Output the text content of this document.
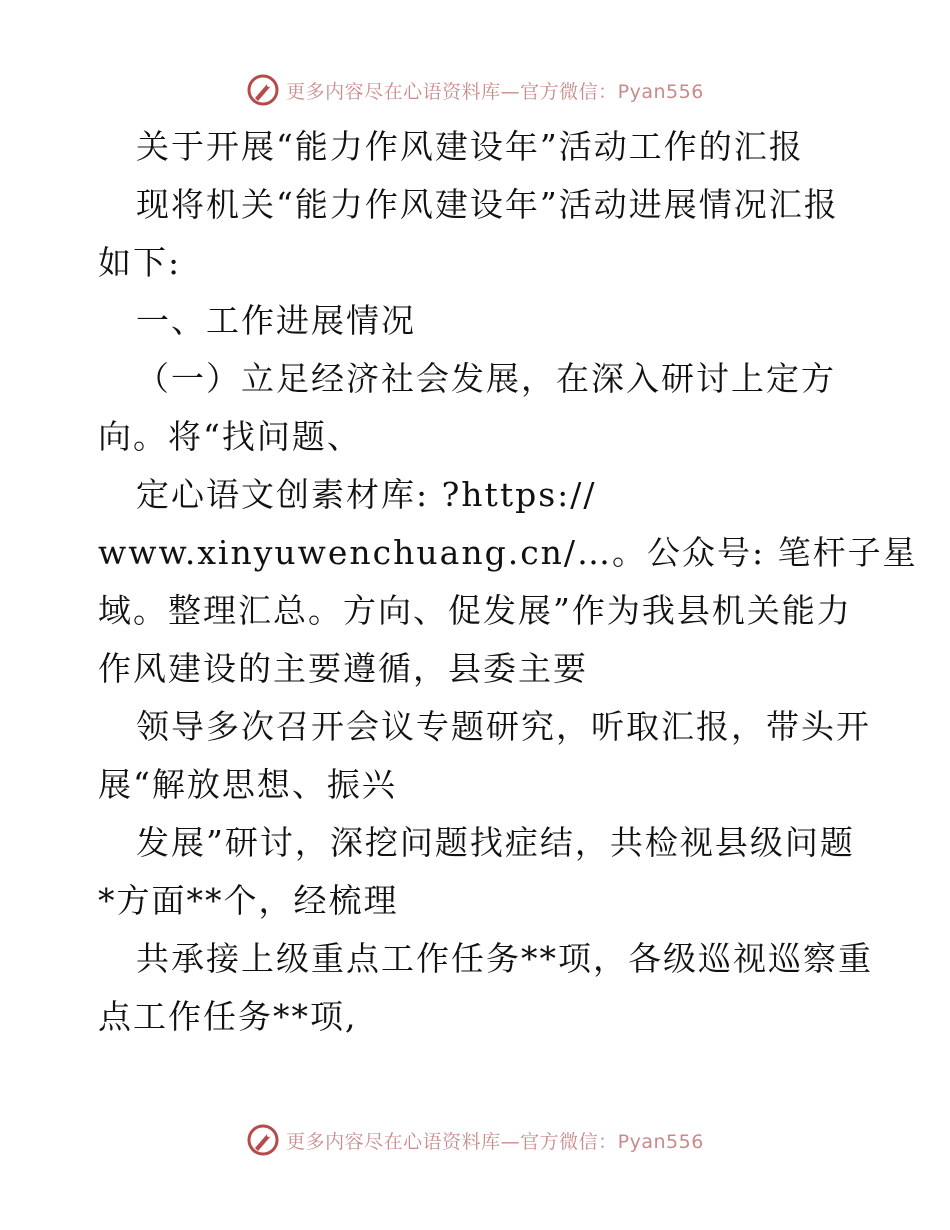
更多内容尽在心语资料库—官方微信：Pyan556
关于开展“能力作风建设年”活动工作的汇报
现将机关“能力作风建设年”活动进展情况汇报
如下:
一、工作进展情况
（一）立足经济社会发展，在深入研讨上定方
向。将“找问题、
定心语文创素材库: ?https://
www.xinyuwenchuang.cn/…。公众号: 笔杆子星
域。整理汇总。方向、促发展”作为我县机关能力
作风建设的主要遵循，县委主要
领导多次召开会议专题研究，听取汇报，带头开
展“解放思想、振兴
发展”研讨，深挖问题找症结，共检视县级问题
*方面**个，经梳理
共承接上级重点工作任务**项，各级巡视巡察重
点工作任务**项,
更多内容尽在心语资料库—官方微信：Pyan556
